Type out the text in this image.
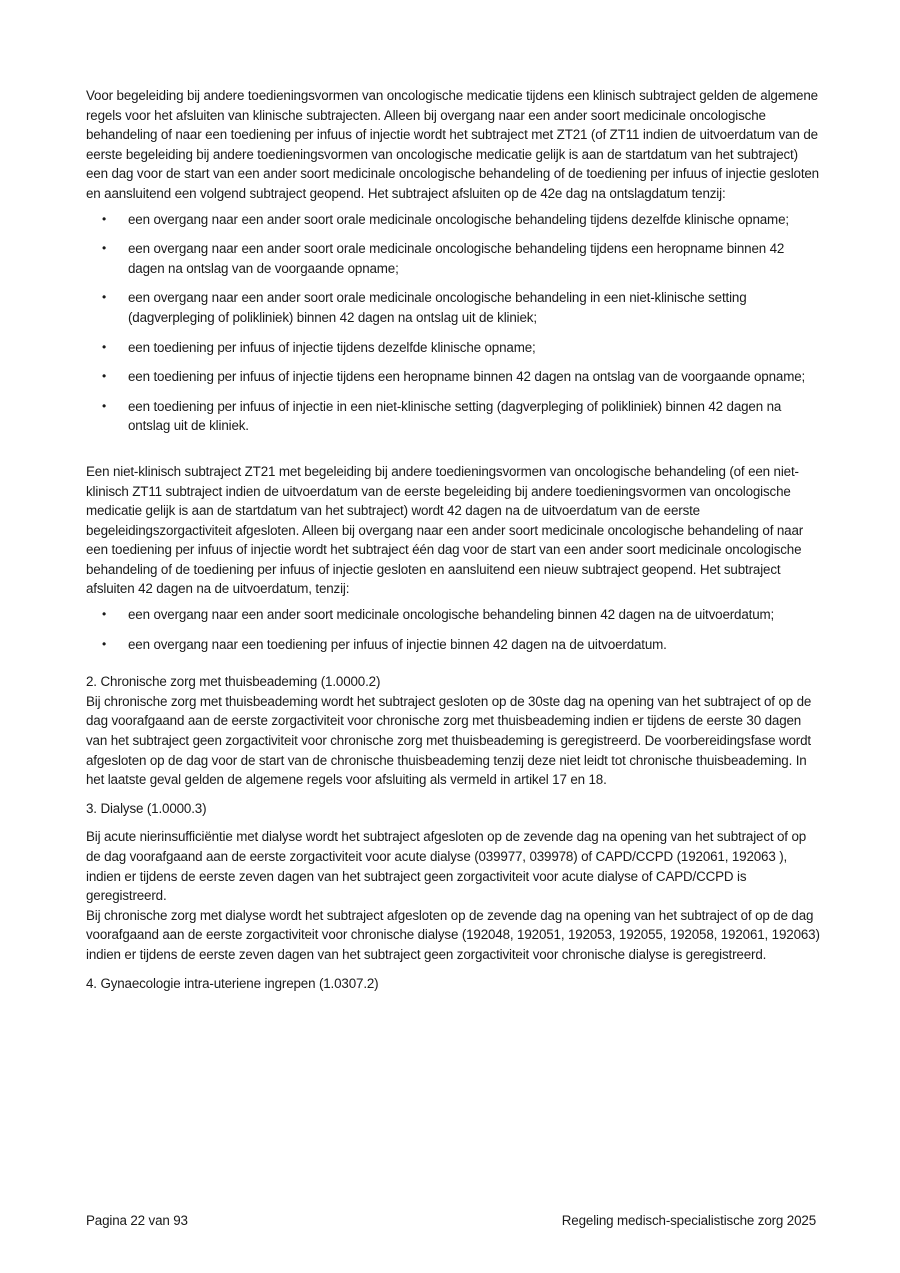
Voor begeleiding bij andere toedieningsvormen van oncologische medicatie tijdens een klinisch subtraject gelden de algemene regels voor het afsluiten van klinische subtrajecten. Alleen bij overgang naar een ander soort medicinale oncologische behandeling of naar een toediening per infuus of injectie wordt het subtraject met ZT21 (of ZT11 indien de uitvoerdatum van de eerste begeleiding bij andere toedieningsvormen van oncologische medicatie gelijk is aan de startdatum van het subtraject) een dag voor de start van een ander soort medicinale oncologische behandeling of de toediening per infuus of injectie gesloten en aansluitend een volgend subtraject geopend. Het subtraject afsluiten op de 42e dag na ontslagdatum tenzij:

• een overgang naar een ander soort orale medicinale oncologische behandeling tijdens dezelfde klinische opname;
• een overgang naar een ander soort orale medicinale oncologische behandeling tijdens een heropname binnen 42 dagen na ontslag van de voorgaande opname;
• een overgang naar een ander soort orale medicinale oncologische behandeling in een niet-klinische setting (dagverpleging of polikliniek) binnen 42 dagen na ontslag uit de kliniek;
• een toediening per infuus of injectie tijdens dezelfde klinische opname;
• een toediening per infuus of injectie tijdens een heropname binnen 42 dagen na ontslag van de voorgaande opname;
• een toediening per infuus of injectie in een niet-klinische setting (dagverpleging of polikliniek) binnen 42 dagen na ontslag uit de kliniek.

Een niet-klinisch subtraject ZT21 met begeleiding bij andere toedieningsvormen van oncologische behandeling (of een niet-klinisch ZT11 subtraject indien de uitvoerdatum van de eerste begeleiding bij andere toedieningsvormen van oncologische medicatie gelijk is aan de startdatum van het subtraject) wordt 42 dagen na de uitvoerdatum van de eerste begeleidingszorgactiviteit afgesloten. Alleen bij overgang naar een ander soort medicinale oncologische behandeling of naar een toediening per infuus of injectie wordt het subtraject één dag voor de start van een ander soort medicinale oncologische behandeling of de toediening per infuus of injectie gesloten en aansluitend een nieuw subtraject geopend. Het subtraject afsluiten 42 dagen na de uitvoerdatum, tenzij:

• een overgang naar een ander soort medicinale oncologische behandeling binnen 42 dagen na de uitvoerdatum;
• een overgang naar een toediening per infuus of injectie binnen 42 dagen na de uitvoerdatum.

2. Chronische zorg met thuisbeademing (1.0000.2)

Bij chronische zorg met thuisbeademing wordt het subtraject gesloten op de 30ste dag na opening van het subtraject of op de dag voorafgaand aan de eerste zorgactiviteit voor chronische zorg met thuisbeademing indien er tijdens de eerste 30 dagen van het subtraject geen zorgactiviteit voor chronische zorg met thuisbeademing is geregistreerd. De voorbereidingsfase wordt afgesloten op de dag voor de start van de chronische thuisbeademing tenzij deze niet leidt tot chronische thuisbeademing. In het laatste geval gelden de algemene regels voor afsluiting als vermeld in artikel 17 en 18.

3. Dialyse (1.0000.3)

Bij acute nierinsufficiëntie met dialyse wordt het subtraject afgesloten op de zevende dag na opening van het subtraject of op de dag voorafgaand aan de eerste zorgactiviteit voor acute dialyse (039977, 039978) of CAPD/CCPD (192061, 192063 ), indien er tijdens de eerste zeven dagen van het subtraject geen zorgactiviteit voor acute dialyse of CAPD/CCPD is geregistreerd.

Bij chronische zorg met dialyse wordt het subtraject afgesloten op de zevende dag na opening van het subtraject of op de dag voorafgaand aan de eerste zorgactiviteit voor chronische dialyse (192048, 192051, 192053, 192055, 192058, 192061, 192063) indien er tijdens de eerste zeven dagen van het subtraject geen zorgactiviteit voor chronische dialyse is geregistreerd.

4. Gynaecologie intra-uteriene ingrepen (1.0307.2)

Pagina 22 van 93	Regeling medisch-specialistische zorg 2025
